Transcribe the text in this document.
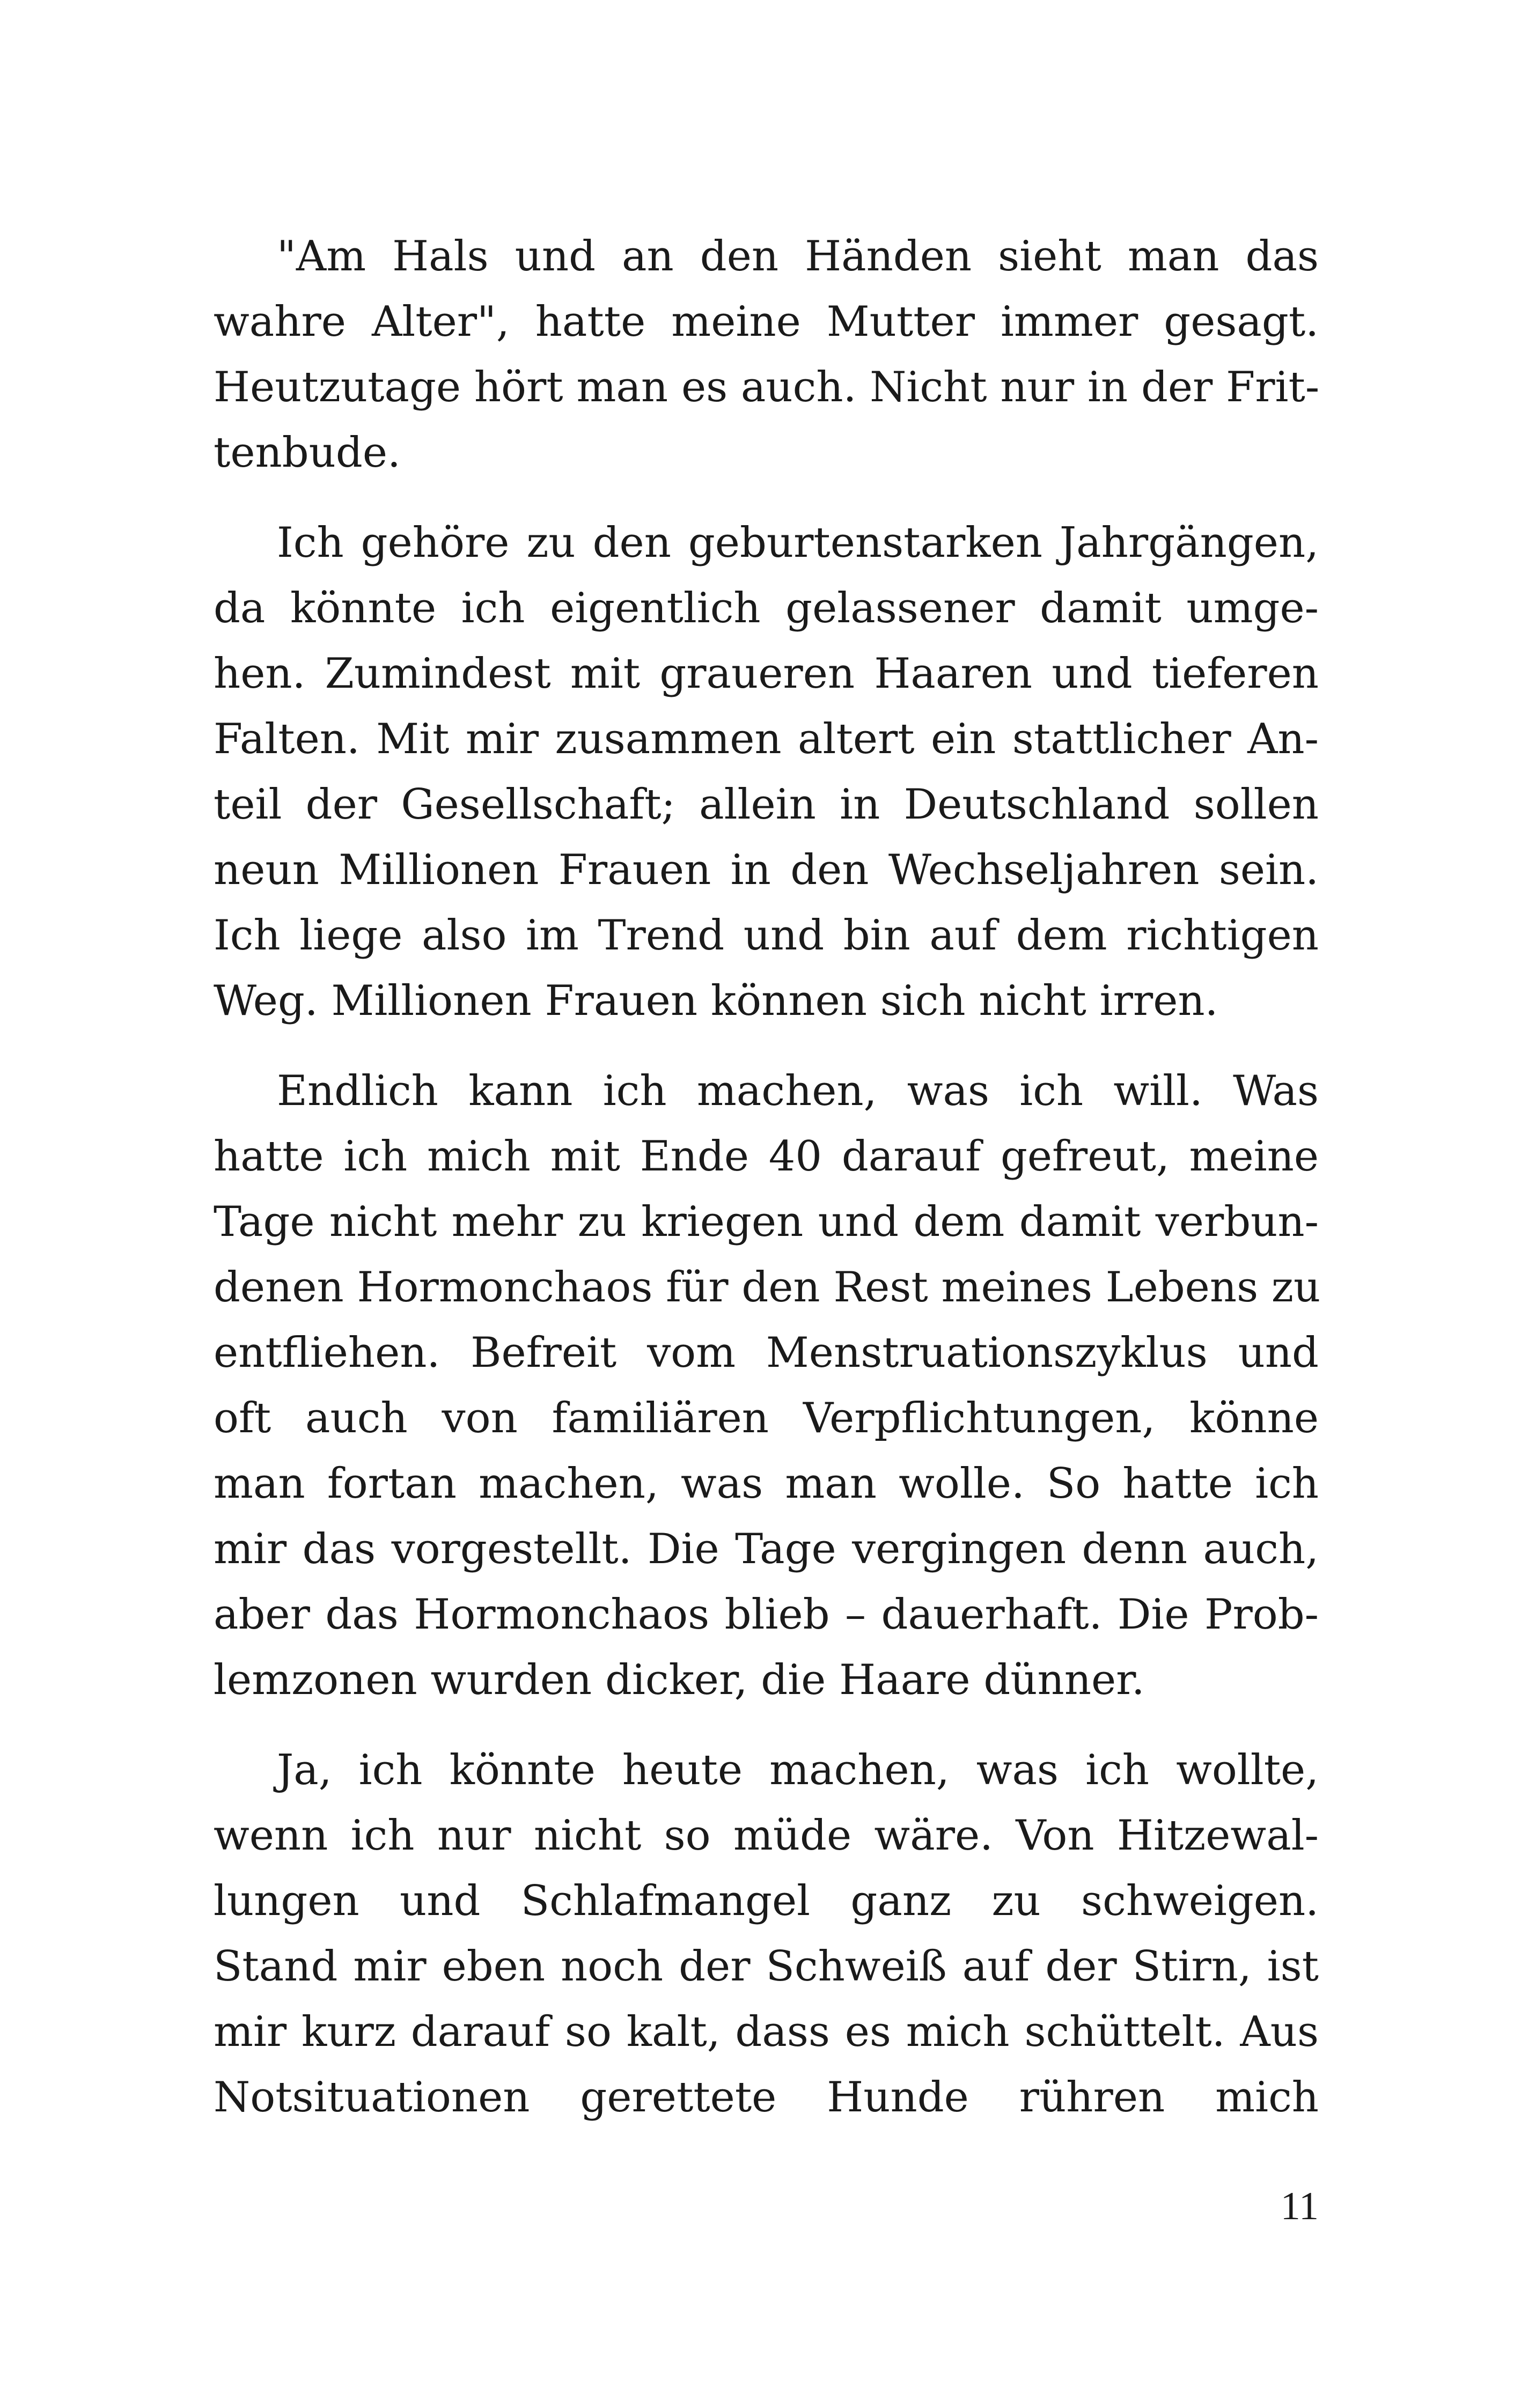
"Am Hals und an den Händen sieht man das
wahre Alter", hatte meine Mutter immer gesagt.
Heutzutage hört man es auch. Nicht nur in der Frit-
tenbude.

Ich gehöre zu den geburtenstarken Jahrgängen,
da könnte ich eigentlich gelassener damit umge-
hen. Zumindest mit graueren Haaren und tieferen
Falten. Mit mir zusammen altert ein stattlicher An-
teil der Gesellschaft; allein in Deutschland sollen
neun Millionen Frauen in den Wechseljahren sein.
Ich liege also im Trend und bin auf dem richtigen
Weg. Millionen Frauen können sich nicht irren.

Endlich kann ich machen, was ich will. Was
hatte ich mich mit Ende 40 darauf gefreut, meine
Tage nicht mehr zu kriegen und dem damit verbun-
denen Hormonchaos für den Rest meines Lebens zu
entfliehen. Befreit vom Menstruationszyklus und
oft auch von familiären Verpflichtungen, könne
man fortan machen, was man wolle. So hatte ich
mir das vorgestellt. Die Tage vergingen denn auch,
aber das Hormonchaos blieb – dauerhaft. Die Prob-
lemzonen wurden dicker, die Haare dünner.

Ja, ich könnte heute machen, was ich wollte,
wenn ich nur nicht so müde wäre. Von Hitzewal-
lungen und Schlafmangel ganz zu schweigen.
Stand mir eben noch der Schweiß auf der Stirn, ist
mir kurz darauf so kalt, dass es mich schüttelt. Aus
Notsituationen gerettete Hunde rühren mich

11
